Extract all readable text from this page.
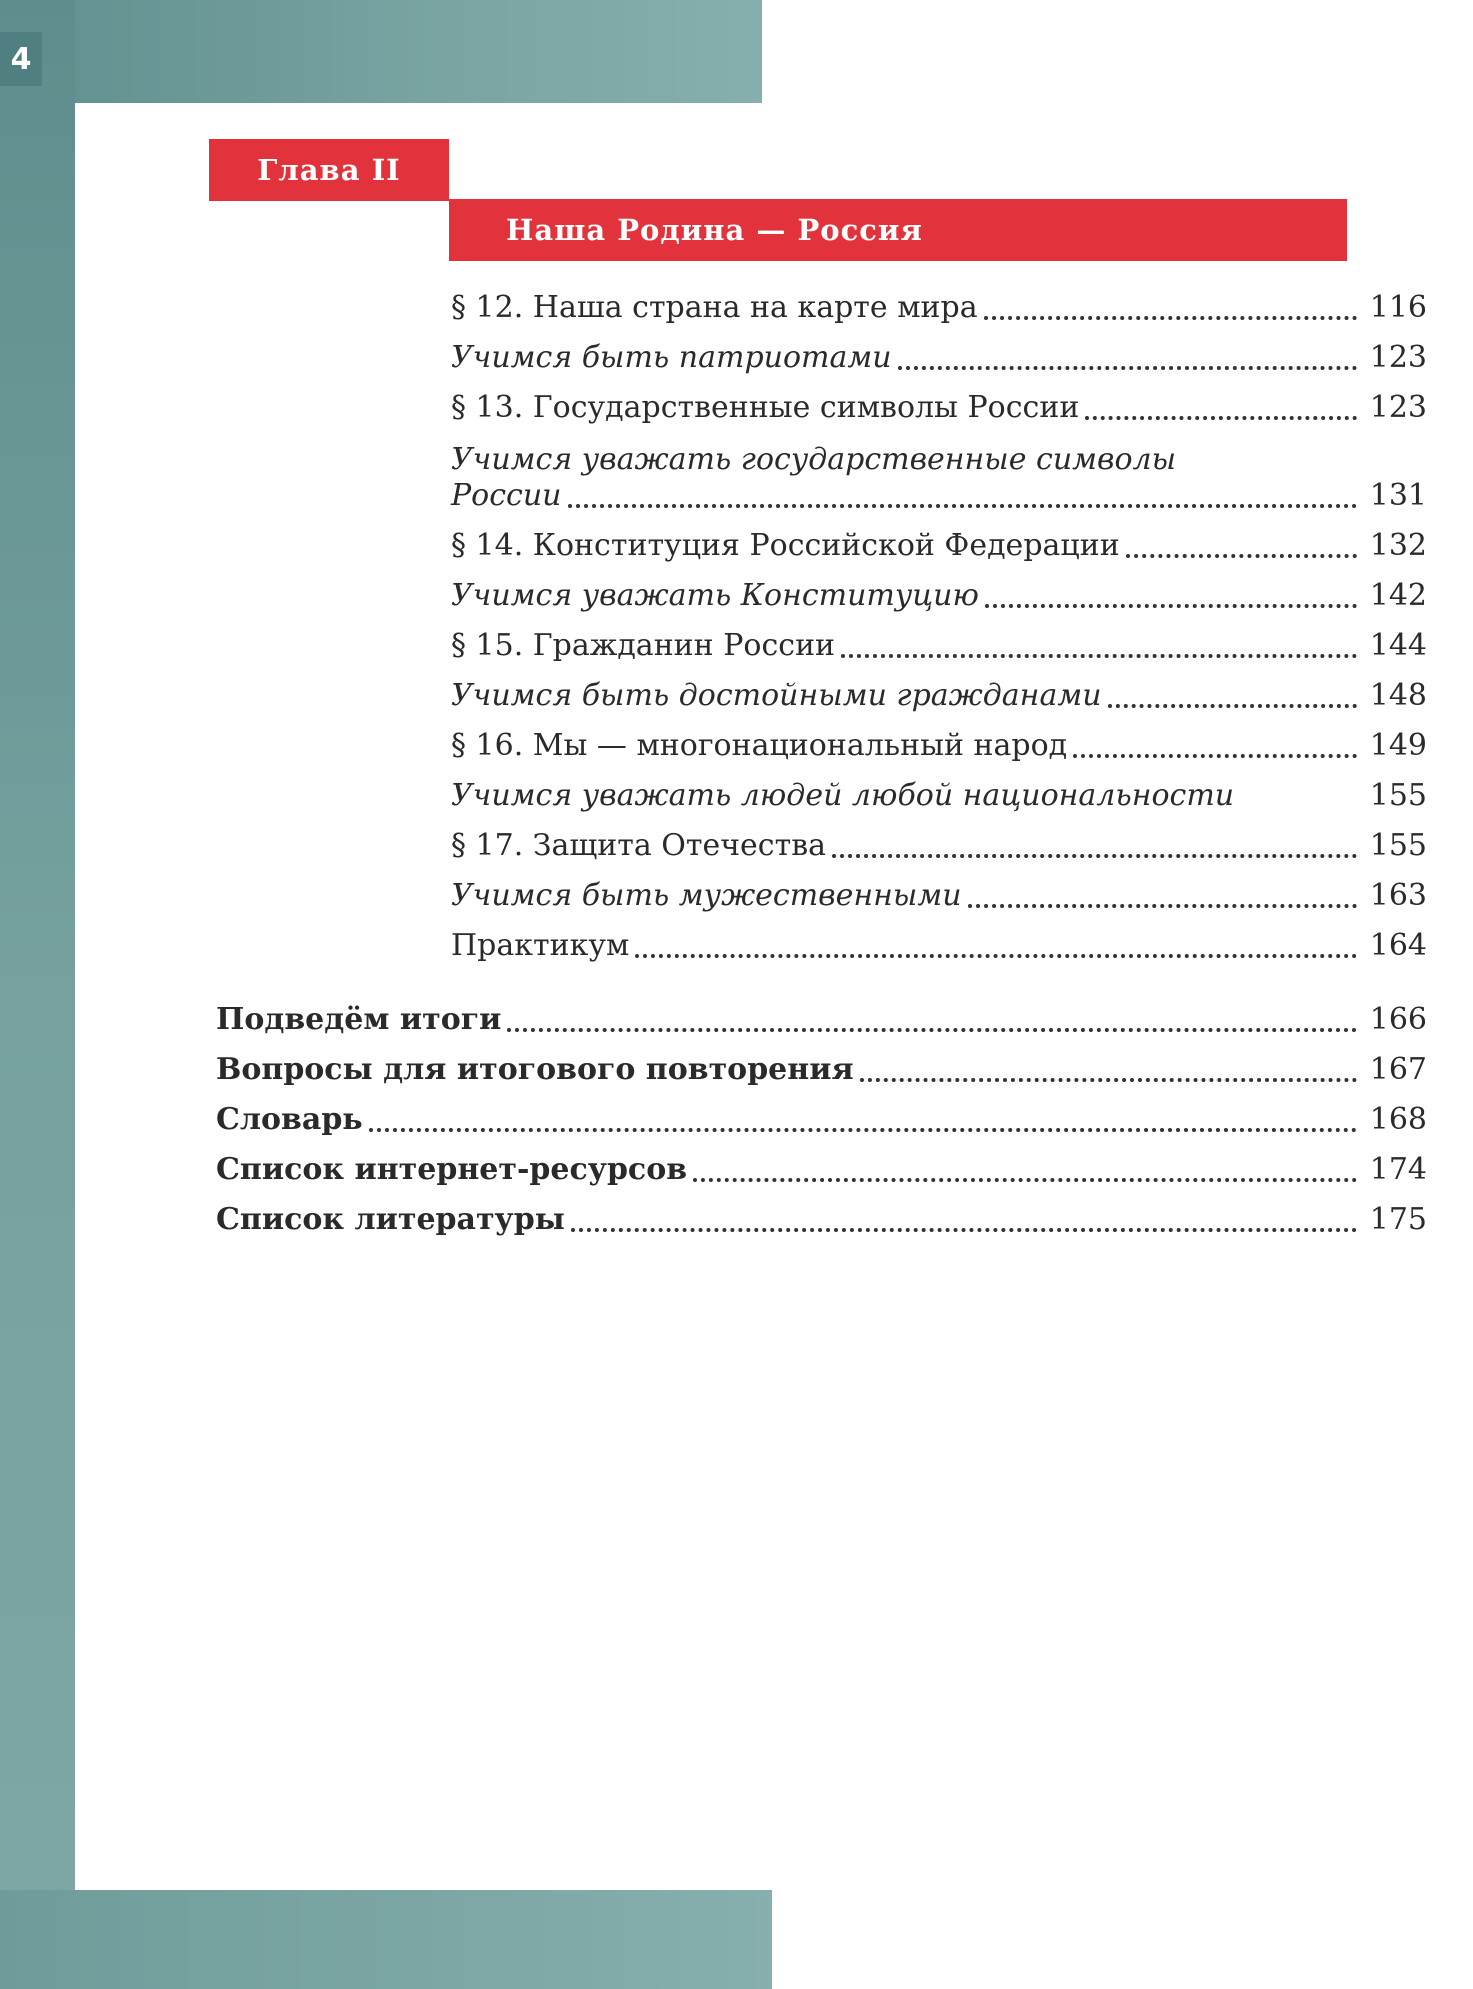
4
Глава II
Наша Родина — Россия
§ 12. Наша страна на карте мира	116
Учимся быть патриотами	123
§ 13. Государственные символы России	123
Учимся уважать государственные символы
России	131
§ 14. Конституция Российской Федерации	132
Учимся уважать Конституцию	142
§ 15. Гражданин России	144
Учимся быть достойными гражданами	148
§ 16. Мы — многонациональный народ	149
Учимся уважать людей любой национальности	155
§ 17. Защита Отечества	155
Учимся быть мужественными	163
Практикум	164
Подведём итоги	166
Вопросы для итогового повторения	167
Словарь	168
Список интернет-ресурсов	174
Список литературы	175
